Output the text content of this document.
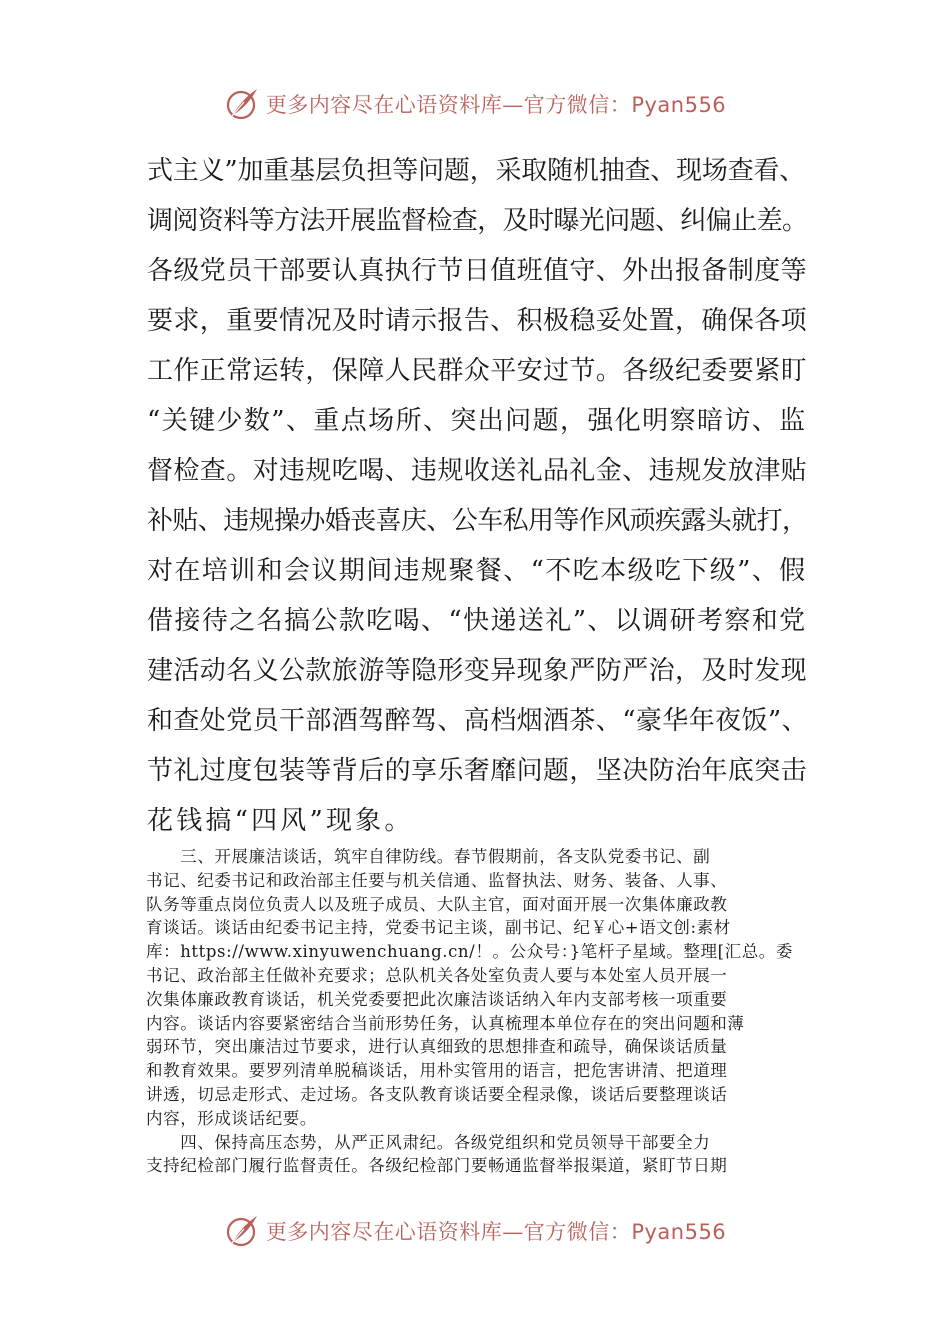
更多内容尽在心语资料库—官方微信：Pyan556

式主义”加重基层负担等问题，采取随机抽查、现场查看、

调阅资料等方法开展监督检查，及时曝光问题、纠偏止差。

各级党员干部要认真执行节日值班值守、外出报备制度等

要求，重要情况及时请示报告、积极稳妥处置，确保各项

工作正常运转，保障人民群众平安过节。各级纪委要紧盯

“关键少数”、重点场所、突出问题，强化明察暗访、监

督检查。对违规吃喝、违规收送礼品礼金、违规发放津贴

补贴、违规操办婚丧喜庆、公车私用等作风顽疾露头就打，

对在培训和会议期间违规聚餐、“不吃本级吃下级”、假

借接待之名搞公款吃喝、“快递送礼”、以调研考察和党

建活动名义公款旅游等隐形变异现象严防严治，及时发现

和查处党员干部酒驾醉驾、高档烟酒茶、“豪华年夜饭”、

节礼过度包装等背后的享乐奢靡问题，坚决防治年底突击

花钱搞“四风”现象。

　　三、开展廉洁谈话，筑牢自律防线。春节假期前，各支队党委书记、副

书记、纪委书记和政治部主任要与机关信通、监督执法、财务、装备、人事、

队务等重点岗位负责人以及班子成员、大队主官，面对面开展一次集体廉政教

育谈话。谈话由纪委书记主持，党委书记主谈，副书记、纪￥心+语文创:素材

库：https://www.xinyuwenchuang.cn/！。公众号：}笔杆子星域。整理[汇总。委

书记、政治部主任做补充要求；总队机关各处室负责人要与本处室人员开展一

次集体廉政教育谈话，机关党委要把此次廉洁谈话纳入年内支部考核一项重要

内容。谈话内容要紧密结合当前形势任务，认真梳理本单位存在的突出问题和薄

弱环节，突出廉洁过节要求，进行认真细致的思想排查和疏导，确保谈话质量

和教育效果。要罗列清单脱稿谈话，用朴实管用的语言，把危害讲清、把道理

讲透，切忌走形式、走过场。各支队教育谈话要全程录像，谈话后要整理谈话

内容，形成谈话纪要。

　　四、保持高压态势，从严正风肃纪。各级党组织和党员领导干部要全力

支持纪检部门履行监督责任。各级纪检部门要畅通监督举报渠道，紧盯节日期

更多内容尽在心语资料库—官方微信：Pyan556
